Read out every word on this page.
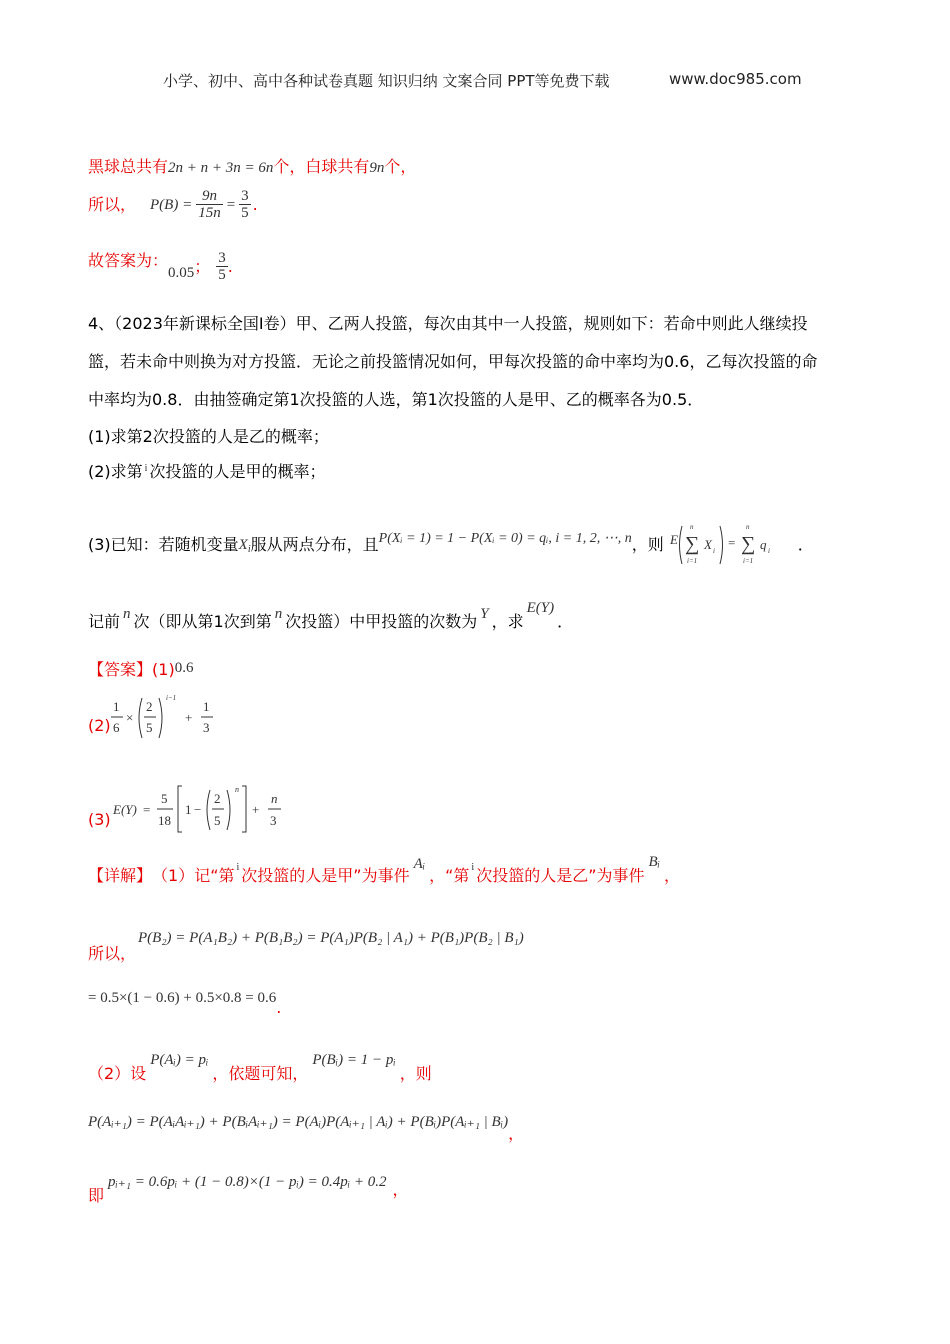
小学、初中、高中各种试卷真题 知识归纳 文案合同 PPT等免费下载	www.doc985.com
黑球总共有2n + n + 3n = 6n个，白球共有9n个，
所以， $P(B) = \frac{9n}{15n} = \frac{3}{5}$ .
故答案为：
0.05 ； $\frac{3}{5}$ .
4、（2023年新课标全国Ⅰ卷）甲、乙两人投篮，每次由其中一人投篮，规则如下：若命中则此人继续投
篮，若未命中则换为对方投篮．无论之前投篮情况如何，甲每次投篮的命中率均为0.6，乙每次投篮的命
中率均为0.8．由抽签确定第1次投篮的人选，第1次投篮的人是甲、乙的概率各为0.5．
(1)求第2次投篮的人是乙的概率；
(2)求第 $^i$ 次投篮的人是甲的概率；
(3)已知：若随机变量 X i 服从两点分布，且 P(Xᵢ = 1) = 1 − P(Xᵢ = 0) = qᵢ, i = 1, 2, ⋯, n ，则 E
n
∑
i=1
X i
=
n
∑
i=1
q i ．
记前 n 次（即从第1次到第 n 次投篮）中甲投篮的次数为 Y ，求
E(Y)
．
【答案】 (1) 0.6
(2)
1
6
×
2
5
i−1
+
1
3
(3)
E(Y) =
5
18
1 −
2
5
n
+
n
3
【详解】 （1）记“第 i 次投篮的人是甲”为事件
Aᵢ
，“第 i 次投篮的人是乙”为事件
Bᵢ
，
所以，
P(B₂) = P(A₁B₂) + P(B₁B₂) = P(A₁)P(B₂ | A₁) + P(B₁)P(B₂ | B₁)
= 0.5×(1 − 0.6) + 0.5×0.8 = 0.6 .
（2）设
P(Aᵢ) = pᵢ
，依题可知，
P(Bᵢ) = 1 − pᵢ
，则
P(Aᵢ₊₁) = P(AᵢAᵢ₊₁) + P(BᵢAᵢ₊₁) = P(Aᵢ)P(Aᵢ₊₁ | Aᵢ) + P(Bᵢ)P(Aᵢ₊₁ | Bᵢ)
，
即
pᵢ₊₁ = 0.6pᵢ + (1 − 0.8)×(1 − pᵢ) = 0.4pᵢ + 0.2 ，
